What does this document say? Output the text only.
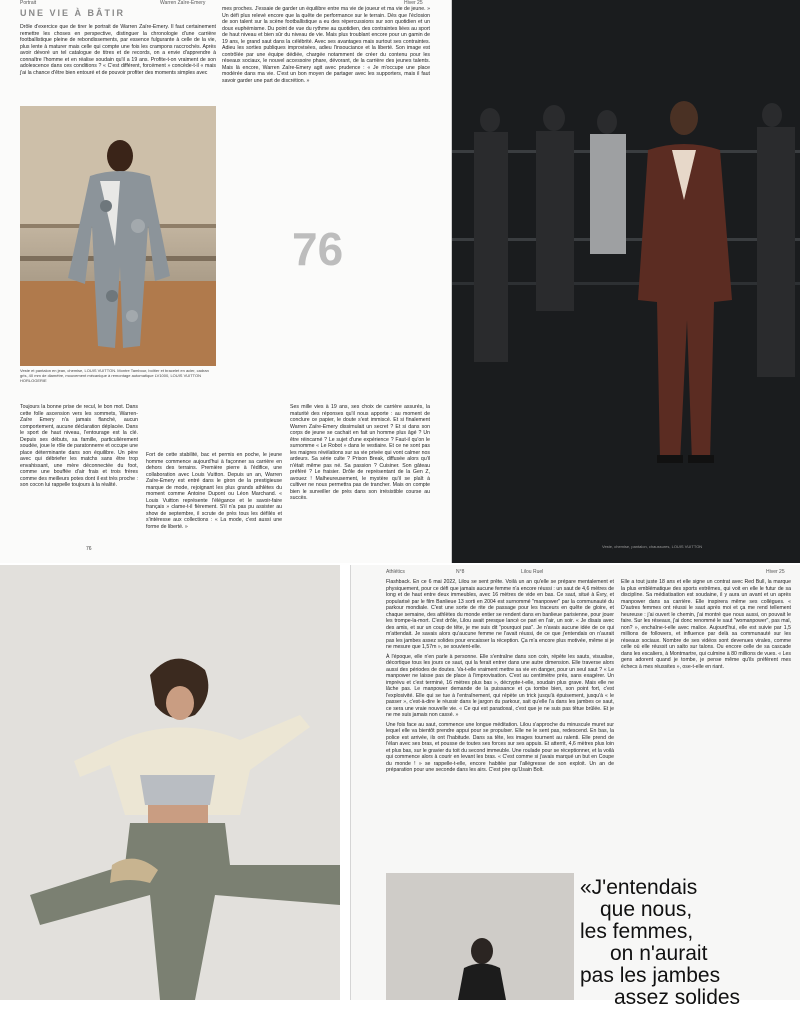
Portrait	Warren Zaïre-Emery	Hiver 25
UNE VIE À BÂTIR

Drôle d'exercice que de tirer le portrait de Warren Zaïre-Emery. Il faut certainement remettre les choses en perspective, distinguer la chronologie d'une carrière footballistique pleine de rebondissements, par essence fulgurante à celle de la vie, plus lente à maturer mais celle qui compte une fois les crampons raccrochés. Après avoir dévoré un tel catalogue de titres et de records, on a envie d'apprendre à connaître l'homme et en réalise soudain qu'il a 19 ans. Profite-t-on vraiment de son adolescence dans ces conditions ? « C'est différent, forcément » concède-t-il « mais j'ai la chance d'être bien entouré et de pouvoir profiter des moments simples avec

mes proches. J'essaie de garder un équilibre entre ma vie de joueur et ma vie de jeune. » Un défi plus relevé encore que la quête de performance sur le terrain. Dès que l'éclosion de son talent sur la scène footballistique a eu des répercussions sur son quotidien et un doux euphémisme. Du point de vue du rythme au quotidien, des contraintes liées au sport de haut niveau et bien sûr du niveau de vie. Mais plus troublant encore pour un gamin de 19 ans, le grand saut dans la célébrité. Avec ses avantages mais surtout ses contraintes. Adieu les sorties publiques improvisées, adieu l'insouciance et la liberté. Son image est contrôlée par une équipe dédiée, chargée notamment de créer du contenu pour les réseaux sociaux, le nouvel accessoire phare, dévorant, de la carrière des jeunes talents. Mais là encore, Warren Zaïre-Emery agit avec prudence : « Je m'occupe une place modérée dans ma vie. C'est un bon moyen de partager avec les supporters, mais il faut savoir garder une part de discrétion. »

Veste et pantalon en jean, chemise, LOUIS VUITTON. Montre Tambour, boîtier et bracelet en acier, cadran gris, 40 mm de diamètre, mouvement mécanique à remontage automatique LV1000, LOUIS VUITTON HORLOGERIE
76

Toujours la bonne prise de recul, le bon mot. Dans cette folle ascension vers les sommets, Warren-Zaïre Emery n'a jamais flanché, aucun comportement, aucune déclaration déplacée. Dans le sport de haut niveau, l'entourage est la clé. Depuis ses débuts, sa famille, particulièrement soudée, joue le rôle de paratonnerre et occupe une place déterminante dans son équilibre. Un père avec qui débriefer les matchs sans être trop envahissant, une mère déconnectée du foot, comme une bouffée d'air frais et trois frères comme des meilleurs potes dont il est très proche : son cocon lui rappelle toujours à la réalité.

Fort de cette stabilité, bac et permis en poche, le jeune homme commence aujourd'hui à façonner sa carrière en dehors des terrains. Première pierre à l'édifice, une collaboration avec Louis Vuitton. Depuis un an, Warren Zaïre-Emery est entré dans le giron de la prestigieuse marque de mode, rejoignant les plus grands athlètes du moment comme Antoine Dupont ou Léon Marchand. « Louis Vuitton représente l'élégance et le savoir-faire français » clame-t-il fièrement. S'il n'a pas pu assister au show de septembre, il scrute de près tous les défilés et s'intéresse aux collections : « La mode, c'est aussi une forme de liberté. »

Ses mille vies à 19 ans, ses choix de carrière assurés, la maturité des réponses qu'il nous apporte : au moment de conclure ce papier, le doute s'est immiscé. Et si finalement Warren Zaïre-Emery dissimulait un secret ? Et si dans son corps de jeune se cachait en fait un homme plus âgé ? Un être réincarné ? Le sujet d'une expérience ? Faut-il qu'on le surnomme « Le Robot » dans le vestiaire. Et ce ne sont pas les maigres révélations sur sa vie privée qui vont calmer nos ardeurs. Sa série culte ? Prison Break, diffusée alors qu'il n'était même pas né. Sa passion ? Cuisiner. Son gâteau préféré ? Le fraisier. Drôle de représentant de la Gen Z, avouez ! Malheureusement, le mystère qu'il se plaît à cultiver ne nous permettra pas de trancher. Mais on compte bien le surveiller de près dans son irrésistible course au succès.

76	Veste, chemise, pantalon, chaussures, LOUIS VUITTON
Athlétics	N°8	Lilou Ruel	Hiver 25

Flashback. En ce 6 mai 2022, Lilou se sent prête. Voilà un an qu'elle se prépare mentalement et physiquement, pour ce défi que jamais aucune femme n'a encore réussi : un saut de 4,6 mètres de long et de haut entre deux immeubles, avec 16 mètres de vide en bas. Ce saut, situé à Évry, et popularisé par le film Banlieue 13 sorti en 2004 est surnommé "manpower" par la communauté du parkour mondiale. C'est une sorte de rite de passage pour les traceurs en quête de gloire, et chaque semaine, des athlètes du monde entier se rendent dans en banlieue parisienne, pour jouer les trompe-la-mort. C'est drôle, Lilou avait presque lancé ce pari en l'air, un soir. « Je disais avec des amis, et sur un coup de tête, je me suis dit "pourquoi pas". Je n'avais aucune idée de ce qui m'attendait. Je savais alors qu'aucune femme ne l'avait réussi, de ce que j'entendais on n'aurait pas les jambes assez solides pour encaisser la réception. Ça m'a encore plus motivée, même si je ne mesure que 1,57m », se souvient-elle.

À l'époque, elle n'en parle à personne. Elle s'entraîne dans son coin, répète les sauts, visualise, décortique tous les jours ce saut, qui la ferait entrer dans une autre dimension. Elle traverse alors aussi des périodes de doutes. Va-t-elle vraiment mettre sa vie en danger, pour un seul saut ? « Le manpower ne laisse pas de place à l'improvisation. C'est au centimètre près, sans exagérer. Un imprévu et c'est terminé, 16 mètres plus bas », décrypte-t-elle, soudain plus grave. Mais elle ne lâche pas. Le manpower demande de la puissance et ça tombe bien, son point fort, c'est l'explosivité. Elle qui se tue à l'entraînement, qui répète un trick jusqu'à épuisement, jusqu'à « le passer », c'est-à-dire le réussir dans le jargon du parkour, sait qu'elle l'a dans les jambes ce saut, ce sera une vraie nouvelle vie. « Ce qui est paradoxal, c'est que je ne suis pas têtue brûlée. Et je ne me suis jamais non cassé. »

Une fois face au saut, commence une longue méditation. Lilou s'approche du minuscule muret sur lequel elle va bientôt prendre appui pour se propulser. Elle ne le sent pas, redescend. En bas, la police est arrivée, ils ont l'habitude. Dans sa tête, les images tournent au ralenti. Elle prend de l'élan avec ses bras, et pousse de toutes ses forces sur ses appuis. Et atterrit, 4,6 mètres plus loin et plus bas, sur le gravier du toit du second immeuble. Une roulade pour se réceptionner, et la voilà qui commence alors à courir en levant les bras. « C'est comme si j'avais marqué un but en Coupe du monde ! » se rappelle-t-elle, encore habitée par l'allégresse de son exploit. Un an de préparation pour une seconde dans les airs. C'est pire qu'Usain Bolt.

Elle a tout juste 18 ans et elle signe un contrat avec Red Bull, la marque la plus emblématique des sports extrêmes, qui voit en elle le futur de sa discipline. Sa médiatisation est soudaine, il y aura un avant et un après manpower dans sa carrière. Elle inspirera même ses collègues. « D'autres femmes ont réussi le saut après moi et ça me rend tellement heureuse : j'ai ouvert le chemin, j'ai montré que nous aussi, on pouvait le faire. Sur les réseaux, j'ai donc renommé le saut "womanpower", pas mal, non? », enchaîne-t-elle avec malice. Aujourd'hui, elle est suivie par 1,5 millions de followers, et influence par delà sa communauté sur les réseaux sociaux. Nombre de ses vidéos sont devenues virales, comme celle où elle réussit un salto sur talons. Ou encore celle de sa cascade dans les escaliers, à Montmartre, qui culmine à 80 millions de vues. « Les gens adorent quand je tombe, je pense même qu'ils préfèrent mes échecs à mes réussites », ose-t-elle en riant.

«J'entendais
que nous,
les femmes,
on n'aurait
pas les jambes
assez solides
